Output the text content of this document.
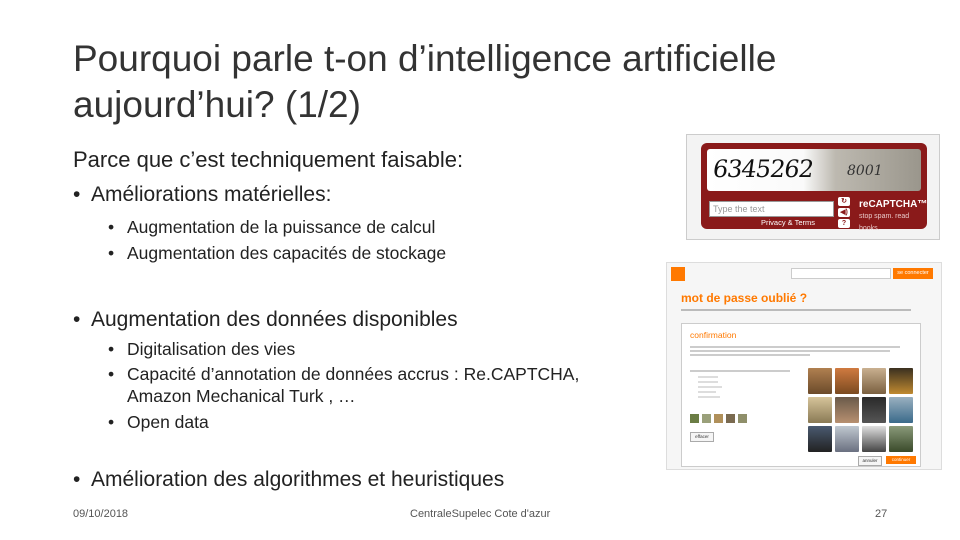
Pourquoi parle t-on d’intelligence artificielle
aujourd’hui? (1/2)
Parce que c’est techniquement faisable:
• Améliorations matérielles:
• Augmentation de la puissance de calcul
• Augmentation des capacités de stockage
• Augmentation des données disponibles
• Digitalisation des vies
• Capacité d’annotation de données accrus : Re.CAPTCHA,
Amazon Mechanical Turk , …
• Open data
• Amélioration des algorithmes et heuristiques
6345262 8001
Type the text
Privacy & Terms
↻
◀)
?
reCAPTCHA™
stop spam. read books.
se connecter
mot de passe oublié ?
confirmation
effacer
annuler	continuer
09/10/2018	CentraleSupelec Cote d'azur	27
